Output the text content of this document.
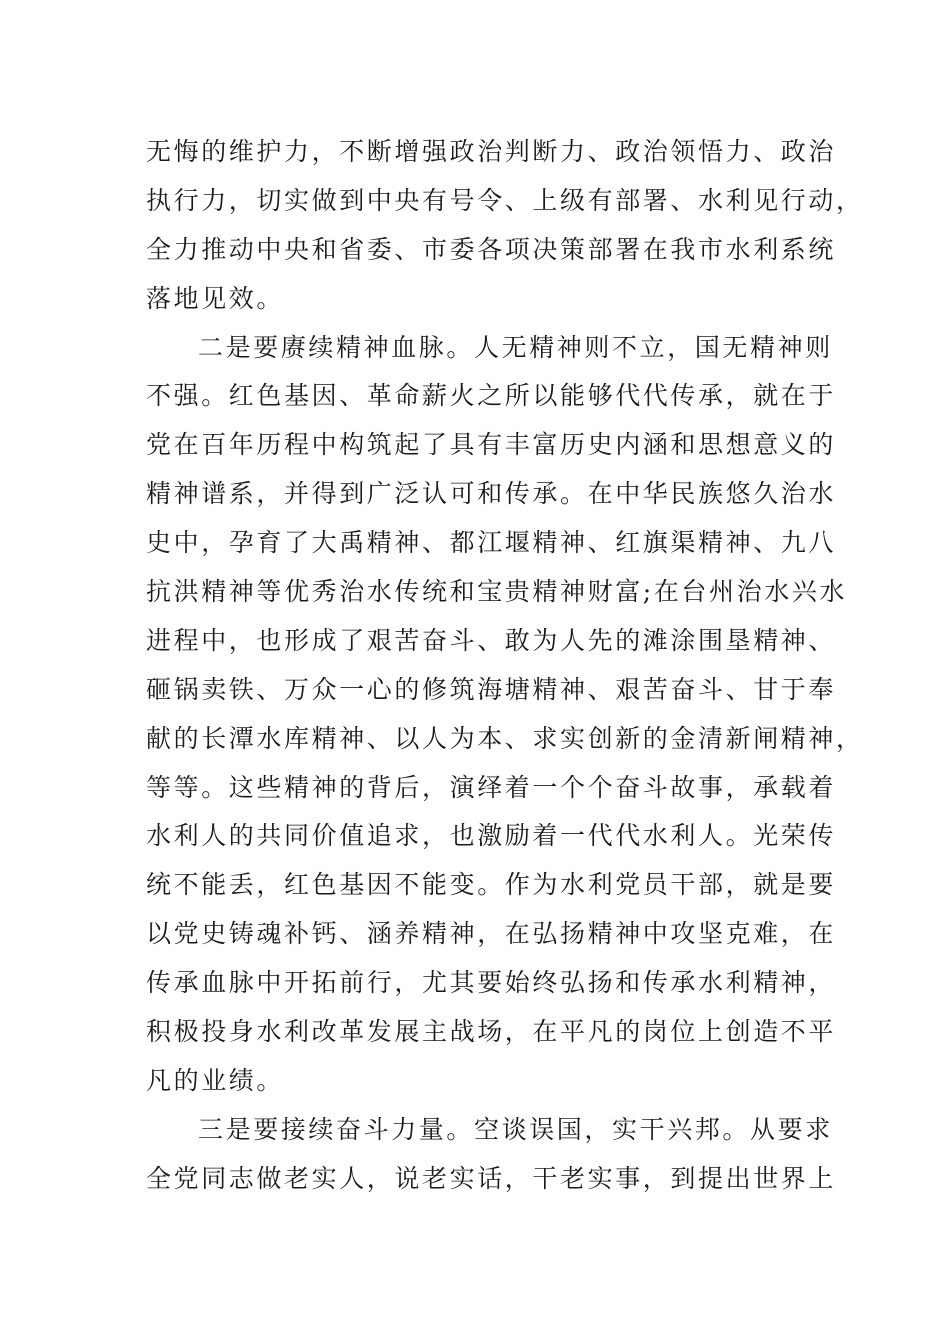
无悔的维护力，不断增强政治判断力、政治领悟力、政治
执行力，切实做到中央有号令、上级有部署、水利见行动，
全力推动中央和省委、市委各项决策部署在我市水利系统
落地见效。
二是要赓续精神血脉。人无精神则不立，国无精神则
不强。红色基因、革命薪火之所以能够代代传承，就在于
党在百年历程中构筑起了具有丰富历史内涵和思想意义的
精神谱系，并得到广泛认可和传承。在中华民族悠久治水
史中，孕育了大禹精神、都江堰精神、红旗渠精神、九八
抗洪精神等优秀治水传统和宝贵精神财富;在台州治水兴水
进程中，也形成了艰苦奋斗、敢为人先的滩涂围垦精神、
砸锅卖铁、万众一心的修筑海塘精神、艰苦奋斗、甘于奉
献的长潭水库精神、以人为本、求实创新的金清新闸精神，
等等。这些精神的背后，演绎着一个个奋斗故事，承载着
水利人的共同价值追求，也激励着一代代水利人。光荣传
统不能丢，红色基因不能变。作为水利党员干部，就是要
以党史铸魂补钙、涵养精神，在弘扬精神中攻坚克难，在
传承血脉中开拓前行，尤其要始终弘扬和传承水利精神，
积极投身水利改革发展主战场，在平凡的岗位上创造不平
凡的业绩。
三是要接续奋斗力量。空谈误国，实干兴邦。从要求
全党同志做老实人，说老实话，干老实事，到提出世界上
